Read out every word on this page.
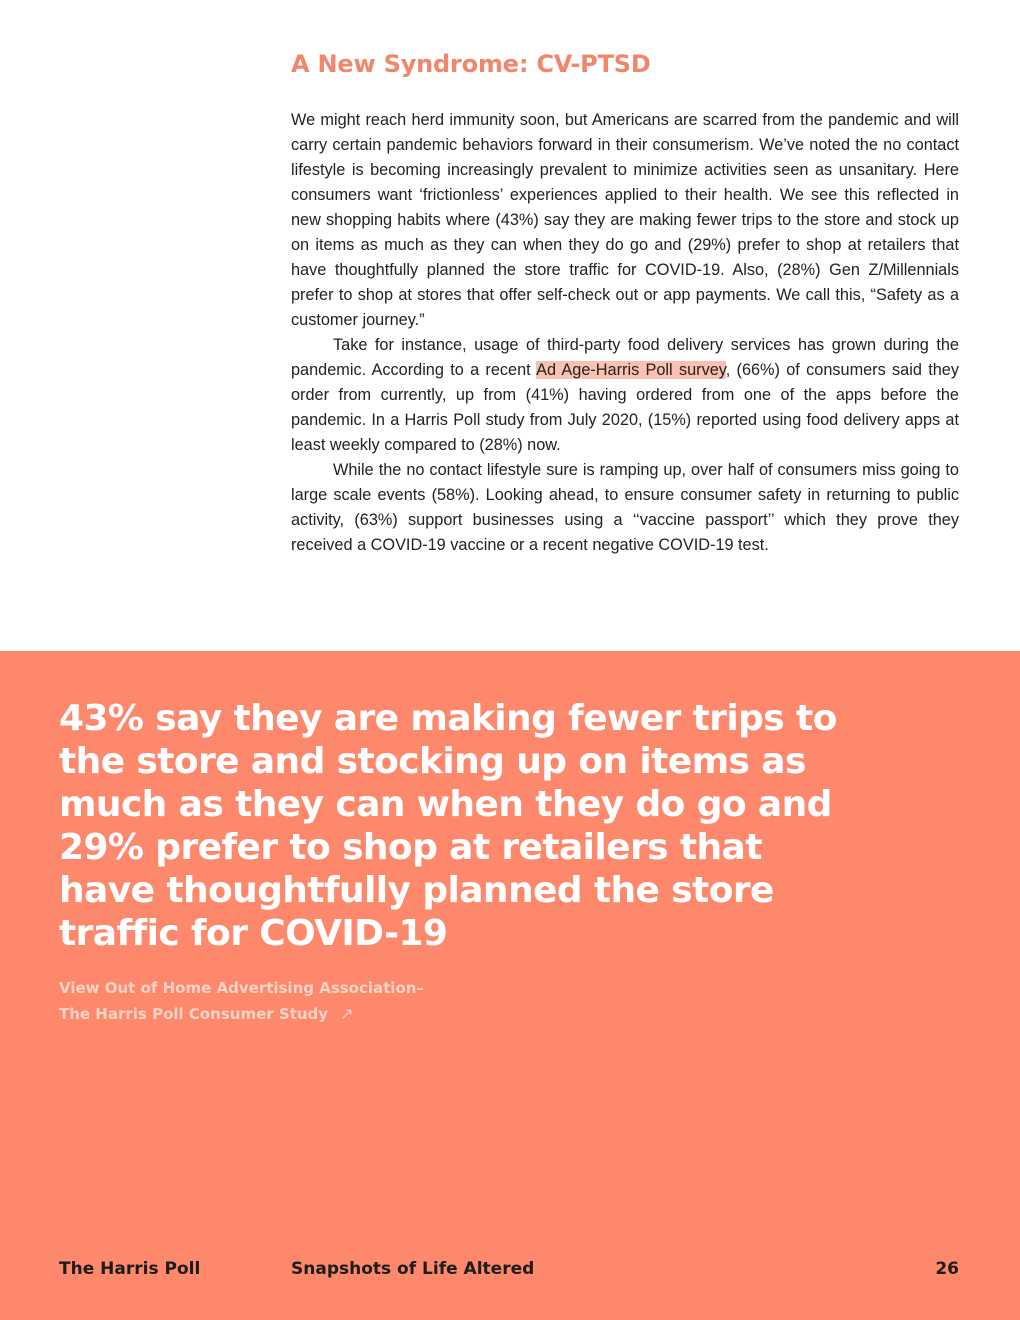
A New Syndrome: CV-PTSD

We might reach herd immunity soon, but Americans are scarred from the pandemic and will carry certain pandemic behaviors forward in their consumerism. We’ve noted the no contact lifestyle is becoming increasingly prevalent to minimize activities seen as unsanitary. Here consumers want ‘frictionless’ experiences applied to their health. We see this reflected in new shopping habits where (43%) say they are making fewer trips to the store and stock up on items as much as they can when they do go and (29%) prefer to shop at retailers that have thoughtfully planned the store traffic for COVID-19. Also, (28%) Gen Z/Millennials prefer to shop at stores that offer self-check out or app payments. We call this, “Safety as a customer journey.”

Take for instance, usage of third-party food delivery services has grown during the pandemic. According to a recent Ad Age-Harris Poll survey, (66%) of consumers said they order from currently, up from (41%) having ordered from one of the apps before the pandemic. In a Harris Poll study from July 2020, (15%) reported using food delivery apps at least weekly compared to (28%) now.

While the no contact lifestyle sure is ramping up, over half of consumers miss going to large scale events (58%). Looking ahead, to ensure consumer safety in returning to public activity, (63%) support businesses using a ‘‘vaccine passport’’ which they prove they received a COVID-19 vaccine or a recent negative COVID-19 test.

43% say they are making fewer trips to the store and stocking up on items as much as they can when they do go and 29% prefer to shop at retailers that have thoughtfully planned the store traffic for COVID-19

View Out of Home Advertising Association–
The Harris Poll Consumer Study ↗

The Harris Poll	Snapshots of Life Altered	26
